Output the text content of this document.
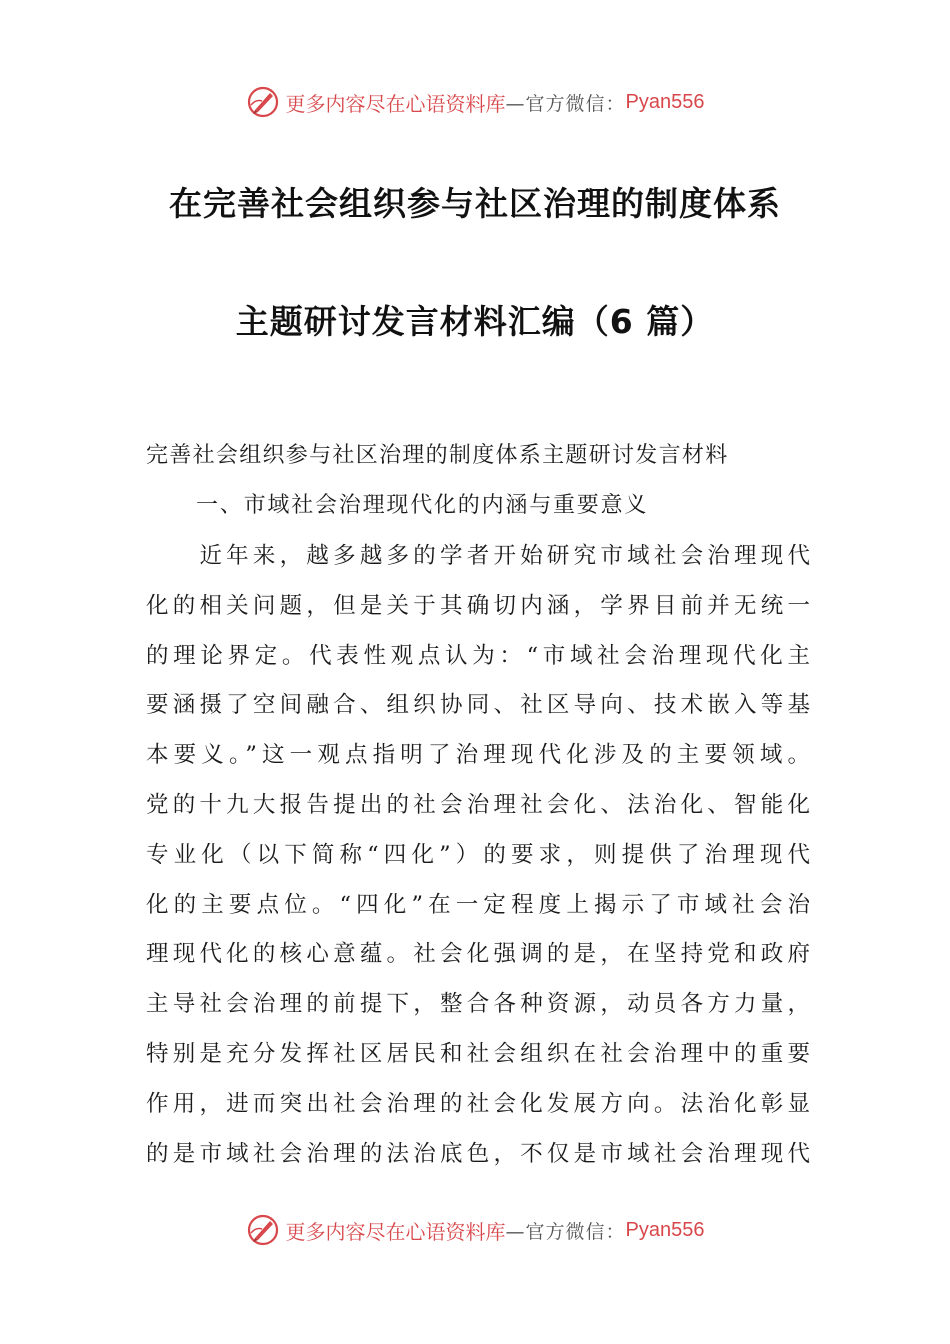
更多内容尽在心语资料库 —官方微信： Pyan556
在完善社会组织参与社区治理的制度体系
主题研讨发言材料汇编（6 篇）
完善社会组织参与社区治理的制度体系主题研讨发言材料
一、市域社会治理现代化的内涵与重要意义
　　近年来，越多越多的学者开始研究市域社会治理现代
化的相关问题，但是关于其确切内涵，学界目前并无统一
的理论界定。代表性观点认为：“市域社会治理现代化主
要涵摄了空间融合、组织协同、社区导向、技术嵌入等基
本要义。”这一观点指明了治理现代化涉及的主要领域。
党的十九大报告提出的社会治理社会化、法治化、智能化
专业化（以下简称“四化”）的要求，则提供了治理现代
化的主要点位。“四化”在一定程度上揭示了市域社会治
理现代化的核心意蕴。社会化强调的是，在坚持党和政府
主导社会治理的前提下，整合各种资源，动员各方力量，
特别是充分发挥社区居民和社会组织在社会治理中的重要
作用，进而突出社会治理的社会化发展方向。法治化彰显
的是市域社会治理的法治底色，不仅是市域社会治理现代
更多内容尽在心语资料库 —官方微信： Pyan556
